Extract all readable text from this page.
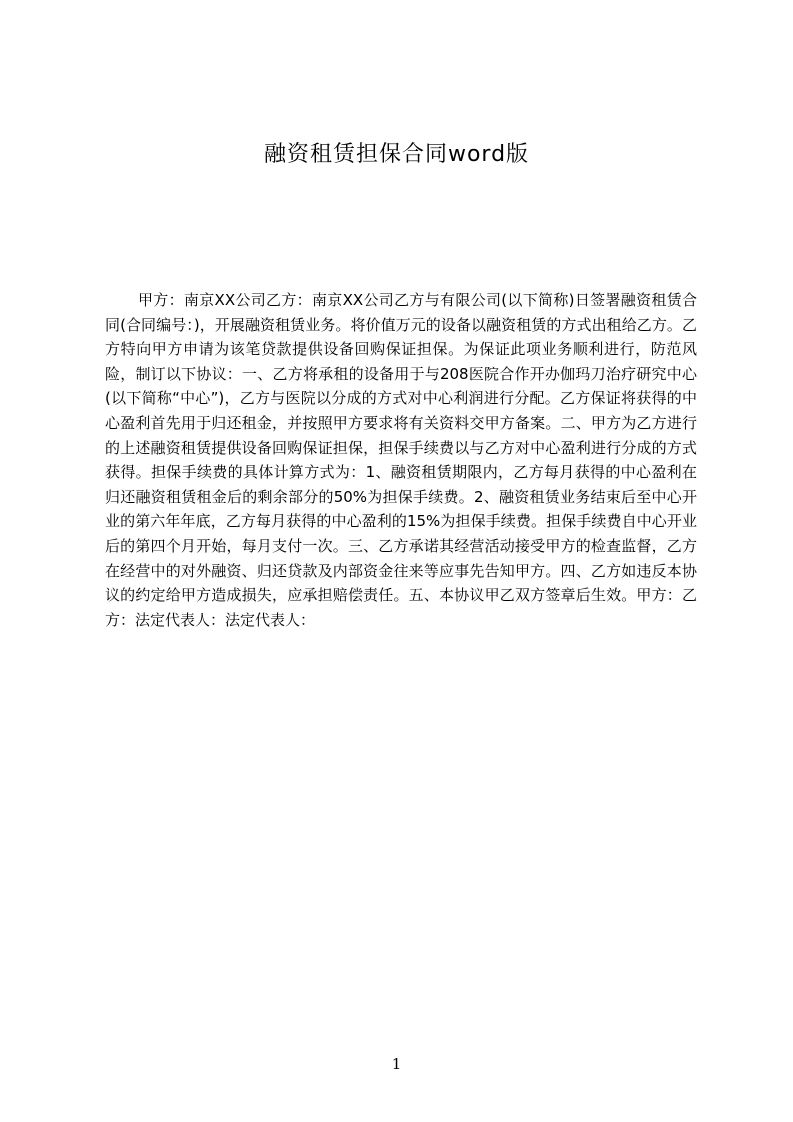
融资租赁担保合同word版
甲方：南京XX公司乙方：南京XX公司乙方与有限公司(以下简称)日签署融资租赁合同(合同编号：)，开展融资租赁业务。将价值万元的设备以融资租赁的方式出租给乙方。乙方特向甲方申请为该笔贷款提供设备回购保证担保。为保证此项业务顺利进行，防范风险，制订以下协议：一、乙方将承租的设备用于与208医院合作开办伽玛刀治疗研究中心(以下简称“中心”)，乙方与医院以分成的方式对中心利润进行分配。乙方保证将获得的中心盈利首先用于归还租金，并按照甲方要求将有关资料交甲方备案。二、甲方为乙方进行的上述融资租赁提供设备回购保证担保，担保手续费以与乙方对中心盈利进行分成的方式获得。担保手续费的具体计算方式为：1、融资租赁期限内，乙方每月获得的中心盈利在归还融资租赁租金后的剩余部分的50%为担保手续费。2、融资租赁业务结束后至中心开业的第六年年底，乙方每月获得的中心盈利的15%为担保手续费。担保手续费自中心开业后的第四个月开始，每月支付一次。三、乙方承诺其经营活动接受甲方的检查监督，乙方在经营中的对外融资、归还贷款及内部资金往来等应事先告知甲方。四、乙方如违反本协议的约定给甲方造成损失，应承担赔偿责任。五、本协议甲乙双方签章后生效。甲方：乙方：法定代表人：法定代表人：
1
